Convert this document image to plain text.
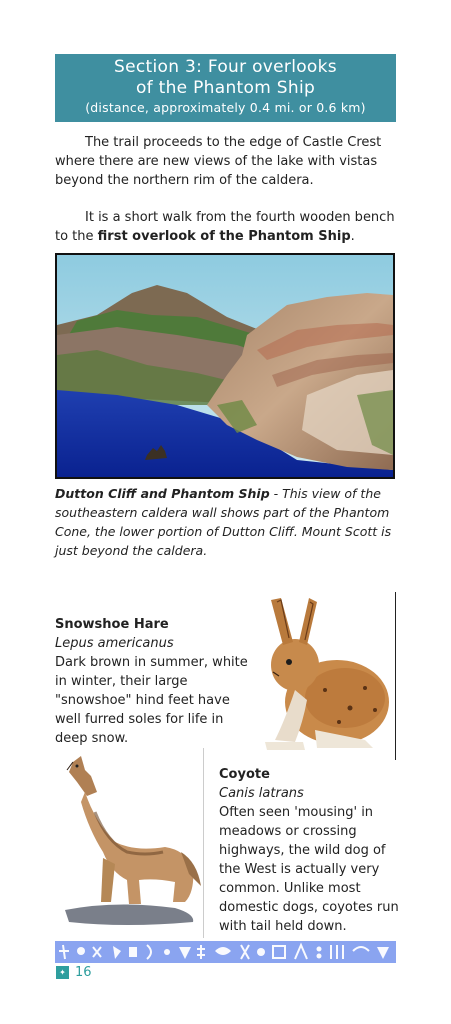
Section 3: Four overlooks
of the Phantom Ship
(distance, approximately 0.4 mi. or 0.6 km)
The trail proceeds to the edge of Castle Crest where there are new views of the lake with vistas beyond the northern rim of the caldera.
It is a short walk from the fourth wooden bench to the first overlook of the Phantom Ship.
Dutton Cliff and Phantom Ship - This view of the southeastern caldera wall shows part of the Phantom Cone, the lower portion of Dutton Cliff. Mount Scott is just beyond the caldera.
Snowshoe Hare
Lepus americanus
Dark brown in summer, white in winter, their large "snowshoe" hind feet have well furred soles for life in deep snow.
Coyote
Canis latrans
Often seen 'mousing' in meadows or crossing highways, the wild dog of the West is actually very common. Unlike most domestic dogs, coyotes run with tail held down.
✦ 16
